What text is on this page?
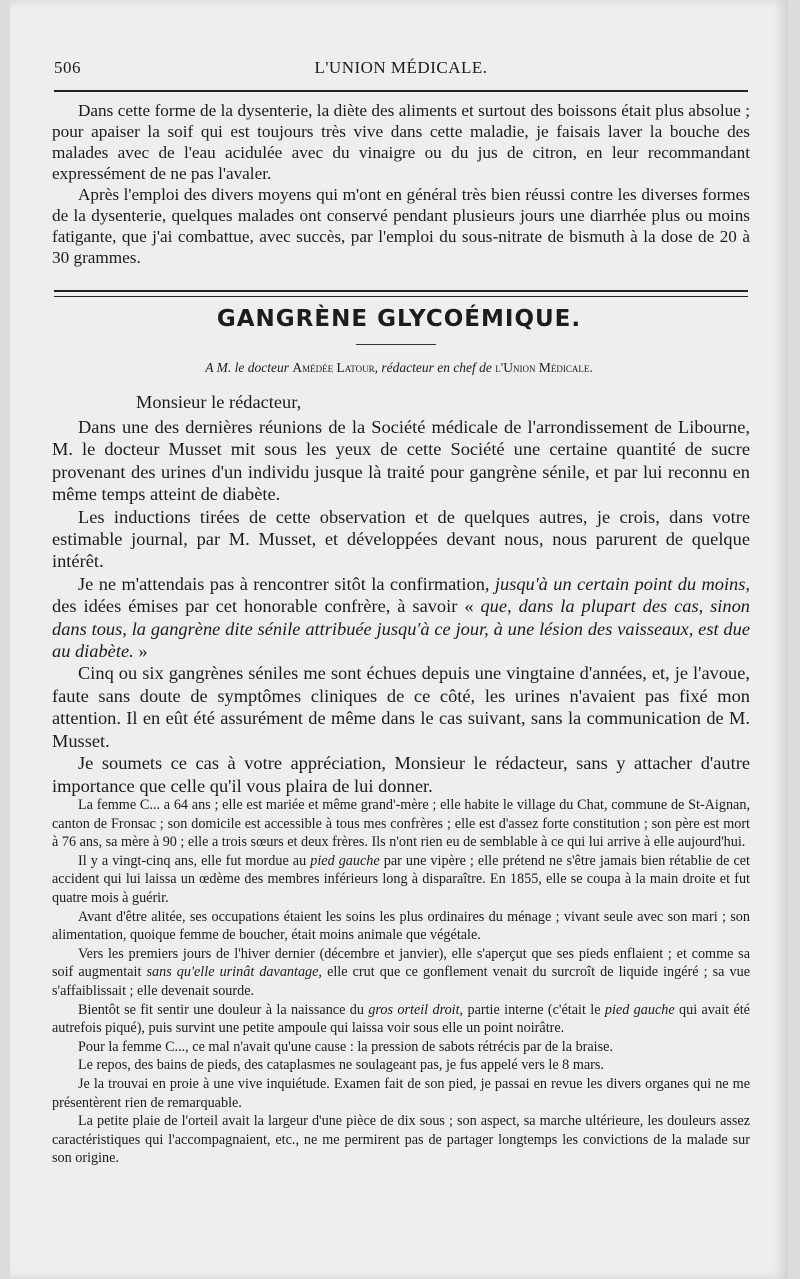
506	L'UNION MÉDICALE.

Dans cette forme de la dysenterie, la diète des aliments et surtout des boissons était plus absolue ; pour apaiser la soif qui est toujours très vive dans cette maladie, je faisais laver la bouche des malades avec de l'eau acidulée avec du vinaigre ou du jus de citron, en leur recommandant expressément de ne pas l'avaler.

Après l'emploi des divers moyens qui m'ont en général très bien réussi contre les diverses formes de la dysenterie, quelques malades ont conservé pendant plusieurs jours une diarrhée plus ou moins fatigante, que j'ai combattue, avec succès, par l'emploi du sous-nitrate de bismuth à la dose de 20 à 30 grammes.

GANGRÈNE GLYCOÉMIQUE.
A M. le docteur Amédée Latour, rédacteur en chef de l'Union Médicale.
Monsieur le rédacteur,

Dans une des dernières réunions de la Société médicale de l'arrondissement de Libourne, M. le docteur Musset mit sous les yeux de cette Société une certaine quantité de sucre provenant des urines d'un individu jusque là traité pour gangrène sénile, et par lui reconnu en même temps atteint de diabète.

Les inductions tirées de cette observation et de quelques autres, je crois, dans votre estimable journal, par M. Musset, et développées devant nous, nous parurent de quelque intérêt.

Je ne m'attendais pas à rencontrer sitôt la confirmation, jusqu'à un certain point du moins, des idées émises par cet honorable confrère, à savoir « que, dans la plupart des cas, sinon dans tous, la gangrène dite sénile attribuée jusqu'à ce jour, à une lésion des vaisseaux, est due au diabète. »

Cinq ou six gangrènes séniles me sont échues depuis une vingtaine d'années, et, je l'avoue, faute sans doute de symptômes cliniques de ce côté, les urines n'avaient pas fixé mon attention. Il en eût été assurément de même dans le cas suivant, sans la communication de M. Musset.

Je soumets ce cas à votre appréciation, Monsieur le rédacteur, sans y attacher d'autre importance que celle qu'il vous plaira de lui donner.

La femme C... a 64 ans ; elle est mariée et même grand'-mère ; elle habite le village du Chat, commune de St-Aignan, canton de Fronsac ; son domicile est accessible à tous mes confrères ; elle est d'assez forte constitution ; son père est mort à 76 ans, sa mère à 90 ; elle a trois sœurs et deux frères. Ils n'ont rien eu de semblable à ce qui lui arrive à elle aujourd'hui.

Il y a vingt-cinq ans, elle fut mordue au pied gauche par une vipère ; elle prétend ne s'être jamais bien rétablie de cet accident qui lui laissa un œdème des membres inférieurs long à disparaître. En 1855, elle se coupa à la main droite et fut quatre mois à guérir.

Avant d'être alitée, ses occupations étaient les soins les plus ordinaires du ménage ; vivant seule avec son mari ; son alimentation, quoique femme de boucher, était moins animale que végétale.

Vers les premiers jours de l'hiver dernier (décembre et janvier), elle s'aperçut que ses pieds enflaient ; et comme sa soif augmentait sans qu'elle urinât davantage, elle crut que ce gonflement venait du surcroît de liquide ingéré ; sa vue s'affaiblissait ; elle devenait sourde.

Bientôt se fit sentir une douleur à la naissance du gros orteil droit, partie interne (c'était le pied gauche qui avait été autrefois piqué), puis survint une petite ampoule qui laissa voir sous elle un point noirâtre.

Pour la femme C..., ce mal n'avait qu'une cause : la pression de sabots rétrécis par de la braise.

Le repos, des bains de pieds, des cataplasmes ne soulageant pas, je fus appelé vers le 8 mars.

Je la trouvai en proie à une vive inquiétude. Examen fait de son pied, je passai en revue les divers organes qui ne me présentèrent rien de remarquable.

La petite plaie de l'orteil avait la largeur d'une pièce de dix sous ; son aspect, sa marche ultérieure, les douleurs assez caractéristiques qui l'accompagnaient, etc., ne me permirent pas de partager longtemps les convictions de la malade sur son origine.
